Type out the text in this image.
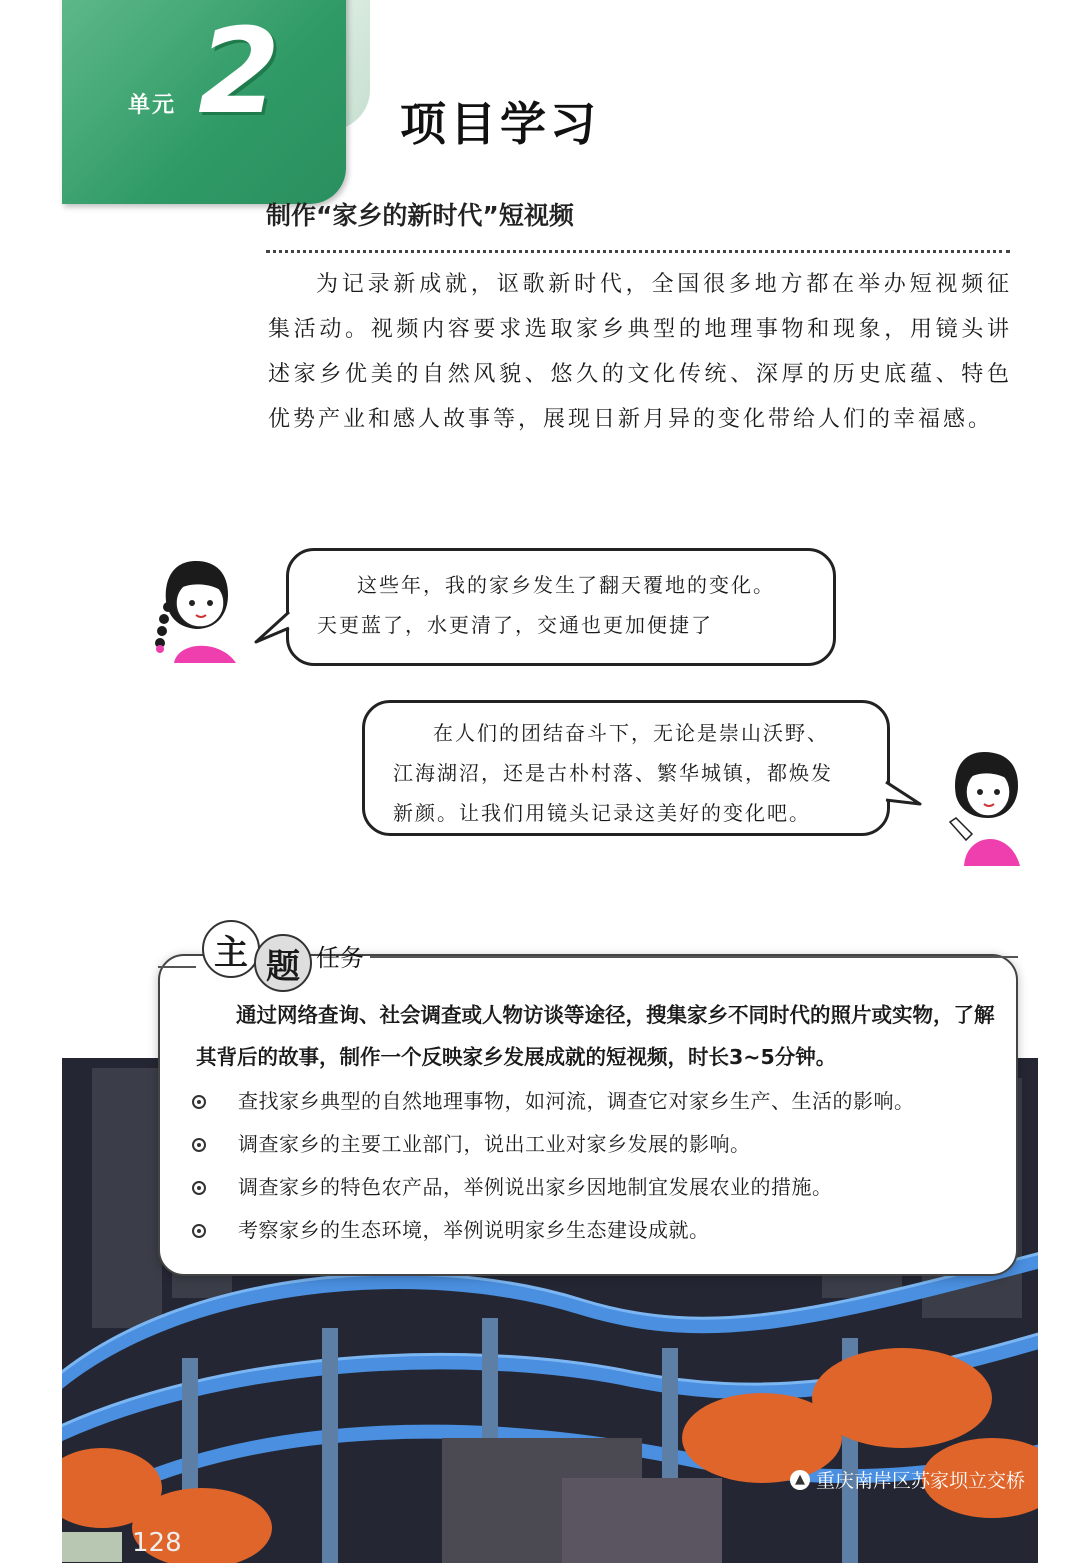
单元 2	项目学习
制作“家乡的新时代”短视频

为记录新成就，讴歌新时代，全国很多地方都在举办短视频征集活动。视频内容要求选取家乡典型的地理事物和现象，用镜头讲述家乡优美的自然风貌、悠久的文化传统、深厚的历史底蕴、特色优势产业和感人故事等，展现日新月异的变化带给人们的幸福感。

这些年，我的家乡发生了翻天覆地的变化。

天更蓝了，水更清了，交通也更加便捷了

在人们的团结奋斗下，无论是崇山沃野、

江海湖沼，还是古朴村落、繁华城镇，都焕发

新颜。让我们用镜头记录这美好的变化吧。

128
▲ 重庆南岸区苏家坝立交桥
主 题 任务

通过网络查询、社会调查或人物访谈等途径，搜集家乡不同时代的照片或实物，了解其背后的故事，制作一个反映家乡发展成就的短视频，时长3~5分钟。

查找家乡典型的自然地理事物，如河流，调查它对家乡生产、生活的影响。
调查家乡的主要工业部门，说出工业对家乡发展的影响。
调查家乡的特色农产品，举例说出家乡因地制宜发展农业的措施。
考察家乡的生态环境，举例说明家乡生态建设成就。
